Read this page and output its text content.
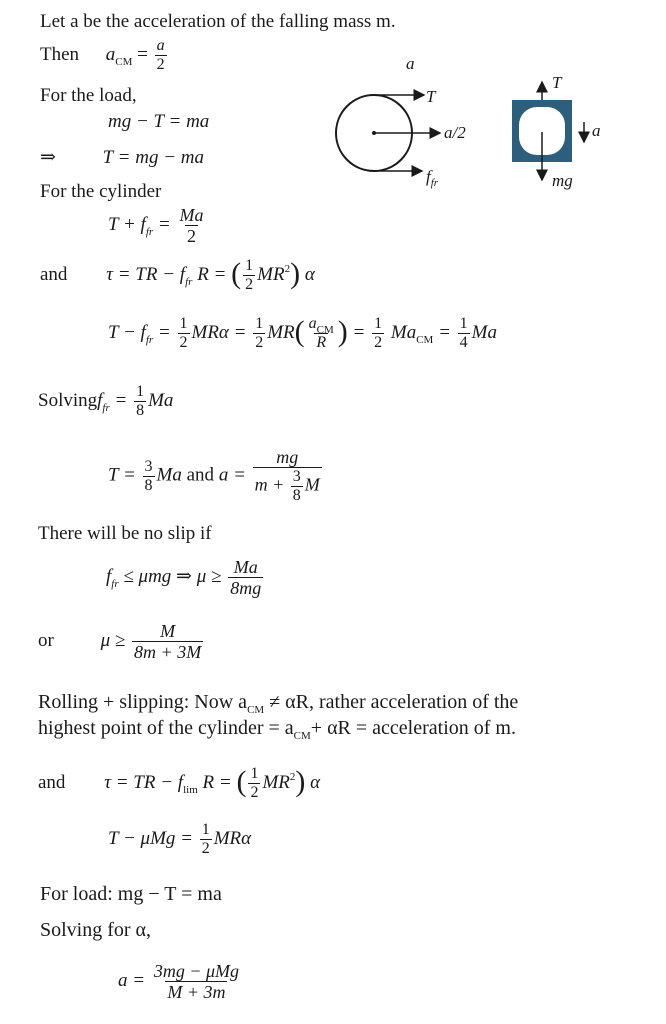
Let a be the acceleration of the falling mass m.
Then $a_{CM} = \frac{a}{2}$
For the load,
mg − T = ma
⇒ T = mg − ma
For the cylinder
$T + f_{fr} = \frac{Ma}{2}$
and τ = TR − $f_{fr}$ R = ( $\frac{1}{2} MR^2$) α
$T - f_{fr} = \frac{1}{2}$ $MR\alpha = \frac{1}{2} MR( \frac{a_{CM}}{R}$ ) = $\frac{1}{2} Ma_{CM} = \frac{1}{4}$ Ma
Solvingf$_{fr}$ = $\frac{1}{8}$ Ma
$T = \frac{3}{8}$ Ma and $a = \frac{mg}{m + \frac{3}{8} M}$
There will be no slip if
$f_{fr} \le \mu mg$ ⇒ $\mu \ge \frac{Ma}{8mg}$
or $\mu \ge \frac{M}{8m + 3M}$
Rolling + slipping: Now $a_{CM} \ne \alpha R$, rather acceleration of the
highest point of the cylinder = $a_{CM}+ \alpha R$ = acceleration of m.
and τ = TR − $f_{lim}$ R = ( $\frac{1}{2} MR^2$) α
$T - \mu Mg = \frac{1}{2}$ MRα
For load: mg − T = ma
Solving for α,
$a = \frac{\text{3mg − μMg}}{M + 3m}$
a
T
a/2
$f_{fr}$
T
a
mg
